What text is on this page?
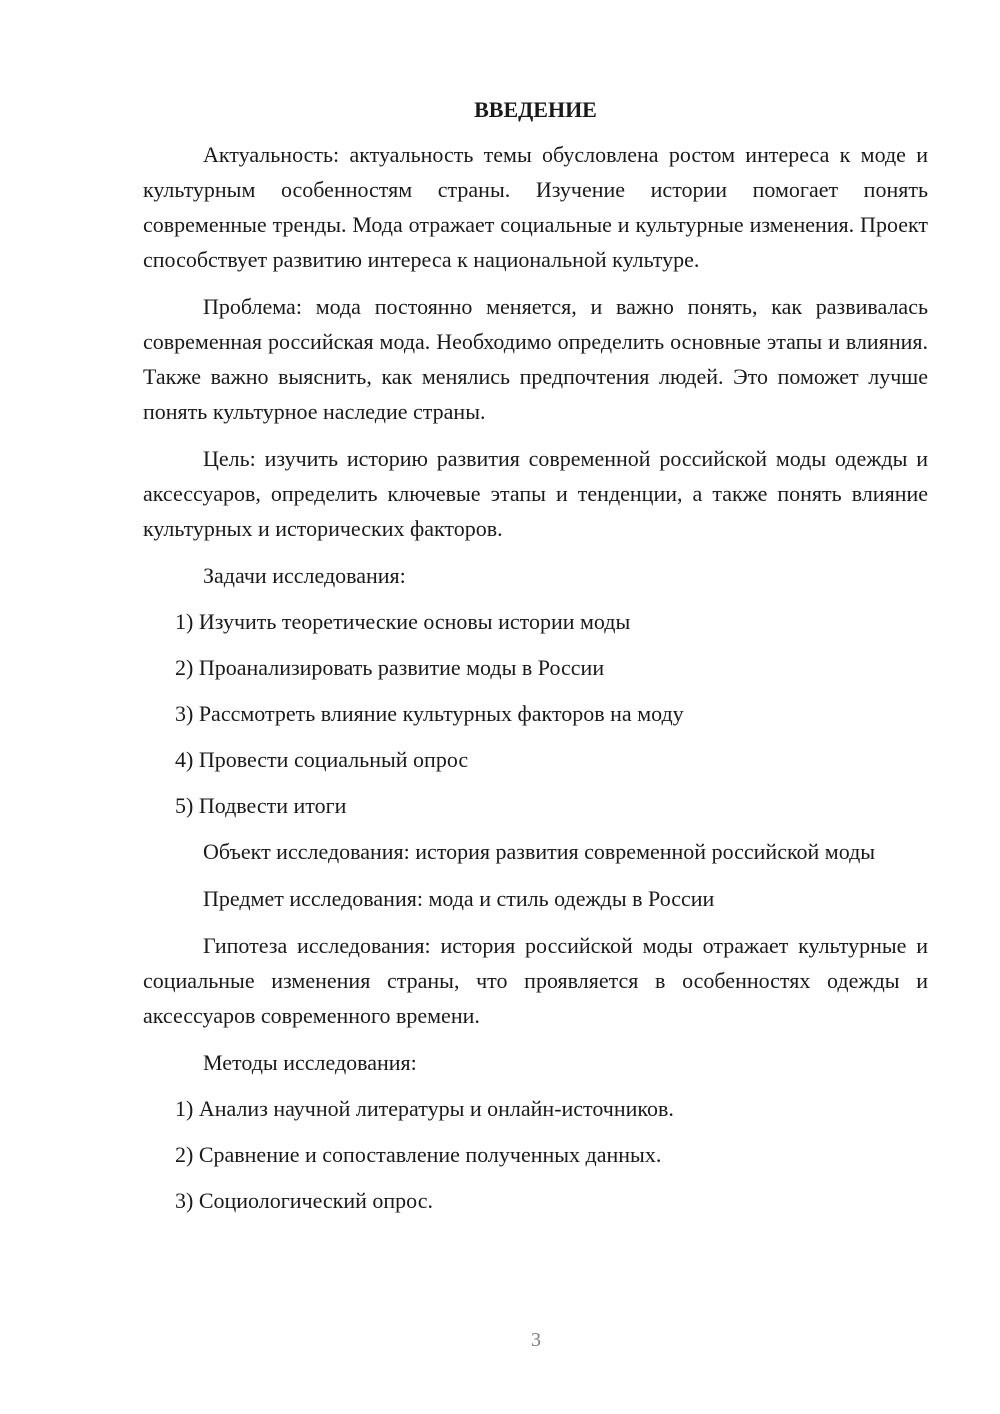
ВВЕДЕНИЕ

Актуальность: актуальность темы обусловлена ростом интереса к моде и культурным особенностям страны. Изучение истории помогает понять современные тренды. Мода отражает социальные и культурные изменения. Проект способствует развитию интереса к национальной культуре.

Проблема: мода постоянно меняется, и важно понять, как развивалась современная российская мода. Необходимо определить основные этапы и влияния. Также важно выяснить, как менялись предпочтения людей. Это поможет лучше понять культурное наследие страны.

Цель: изучить историю развития современной российской моды одежды и аксессуаров, определить ключевые этапы и тенденции, а также понять влияние культурных и исторических факторов.

Задачи исследования:

1) Изучить теоретические основы истории моды

2) Проанализировать развитие моды в России

3) Рассмотреть влияние культурных факторов на моду

4) Провести социальный опрос

5) Подвести итоги

Объект исследования: история развития современной российской моды

Предмет исследования: мода и стиль одежды в России

Гипотеза исследования: история российской моды отражает культурные и социальные изменения страны, что проявляется в особенностях одежды и аксессуаров современного времени.

Методы исследования:

1) Анализ научной литературы и онлайн-источников.

2) Сравнение и сопоставление полученных данных.

3) Социологический опрос.

3
